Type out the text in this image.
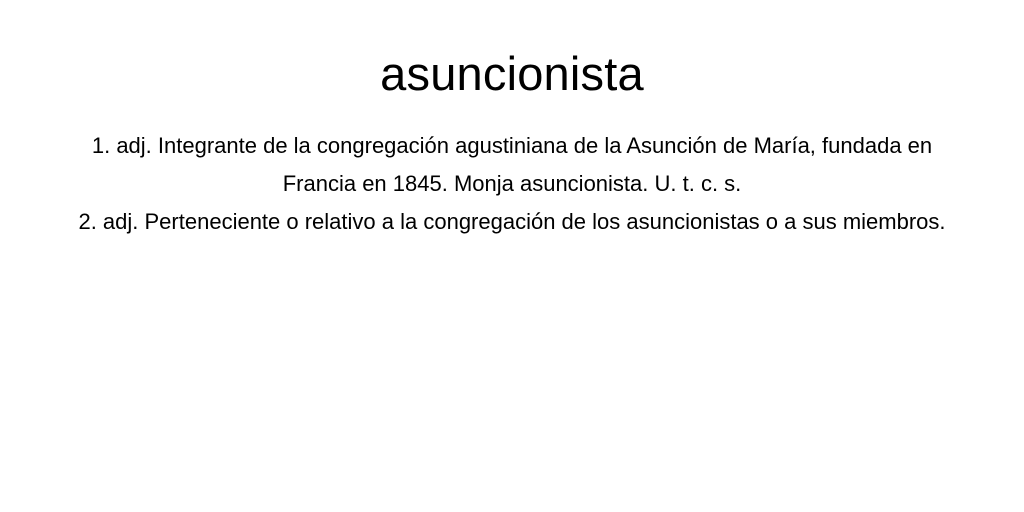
asuncionista
1. adj. Integrante de la congregación agustiniana de la Asunción de María, fundada en Francia en 1845. Monja asuncionista. U. t. c. s.
2. adj. Perteneciente o relativo a la congregación de los asuncionistas o a sus miembros.
